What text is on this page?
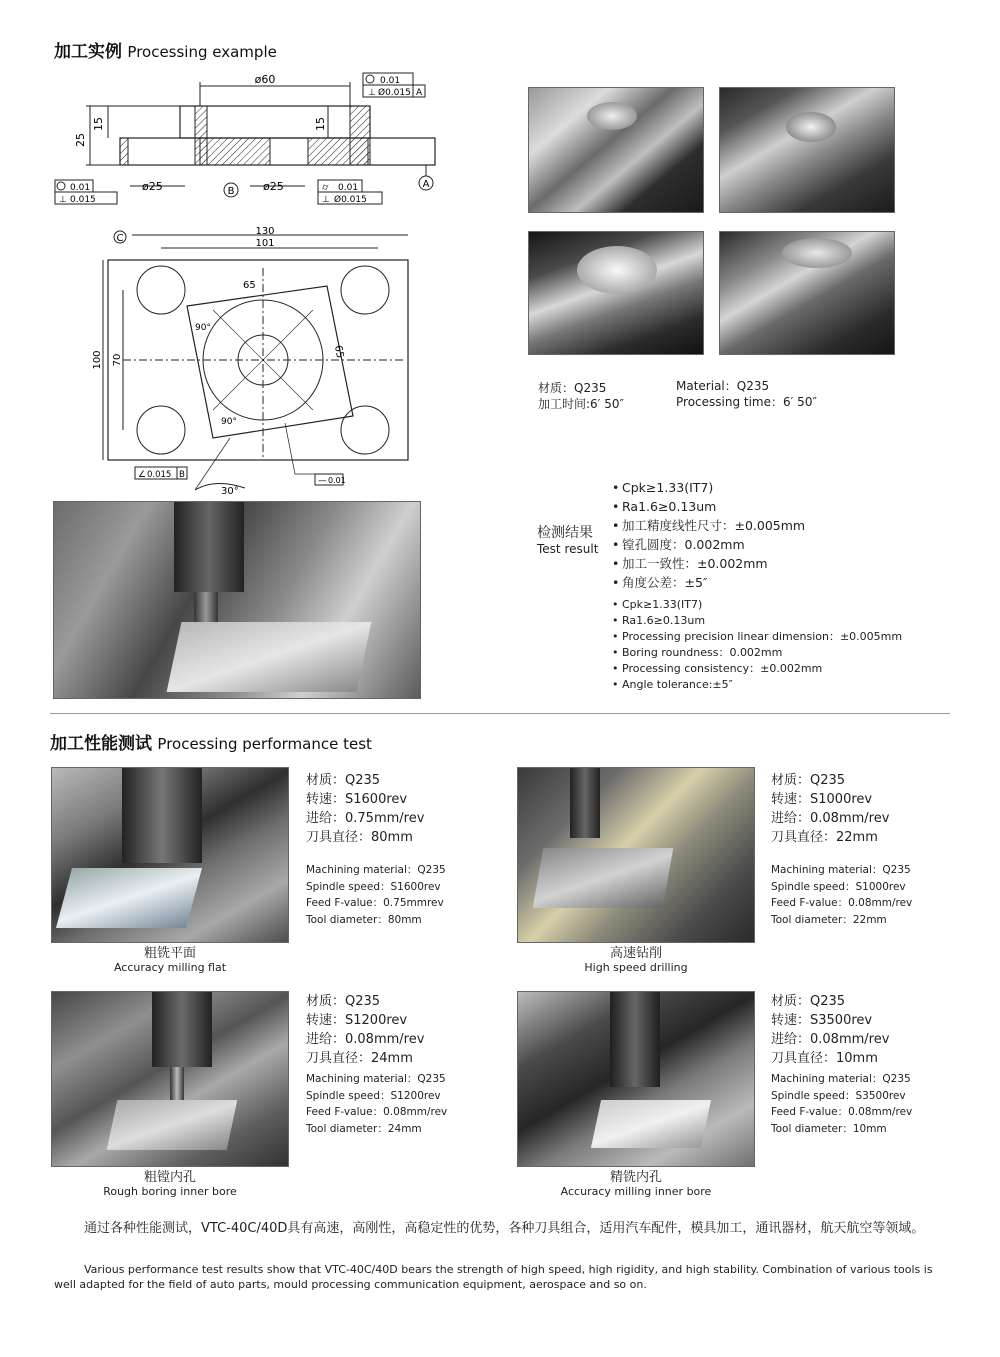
加工实例 Processing example
ø60
25
15	15
ø25	ø25
B
A
0.01
⊥ Ø0.015 A
0.01
⊥ 0.015
⌭ 0.01
⊥ Ø0.015
C
130
101
100 70
65
65
90°
90°
30°
∠ 0.015 B
— 0.01
材质：Q235
加工时间:6′ 50″
Material：Q235
Processing time：6′ 50″
检测结果
Test result
• Cpk≥1.33(IT7)
• Ra1.6≥0.13um
• 加工精度线性尺寸：±0.005mm
• 镗孔圆度：0.002mm
• 加工一致性：±0.002mm
• 角度公差：±5″
• Cpk≥1.33(IT7)
• Ra1.6≥0.13um
• Processing precision linear dimension：±0.005mm
• Boring roundness：0.002mm
• Processing consistency：±0.002mm
• Angle tolerance:±5″
加工性能测试 Processing performance test
材质：Q235
转速：S1600rev
进给：0.75mm/rev
刀具直径：80mm
Machining material：Q235
Spindle speed：S1600rev
Feed F-value：0.75mmrev
Tool diameter：80mm
粗铣平面
Accuracy milling flat
材质：Q235
转速：S1000rev
进给：0.08mm/rev
刀具直径：22mm
Machining material：Q235
Spindle speed：S1000rev
Feed F-value：0.08mm/rev
Tool diameter：22mm
高速钻削
High speed drilling
材质：Q235
转速：S1200rev
进给：0.08mm/rev
刀具直径：24mm
Machining material：Q235
Spindle speed：S1200rev
Feed F-value：0.08mm/rev
Tool diameter：24mm
粗镗内孔
Rough boring inner bore
材质：Q235
转速：S3500rev
进给：0.08mm/rev
刀具直径：10mm
Machining material：Q235
Spindle speed：S3500rev
Feed F-value：0.08mm/rev
Tool diameter：10mm
精铣内孔
Accuracy milling inner bore
通过各种性能测试，VTC-40C/40D具有高速，高刚性，高稳定性的优势，各种刀具组合，适用汽车配件，模具加工，通讯器材，航天航空等领域。
Various performance test results show that VTC-40C/40D bears the strength of high speed, high rigidity, and high stability. Combination of various tools is well adapted for the field of auto parts, mould processing communication equipment, aerospace and so on.
